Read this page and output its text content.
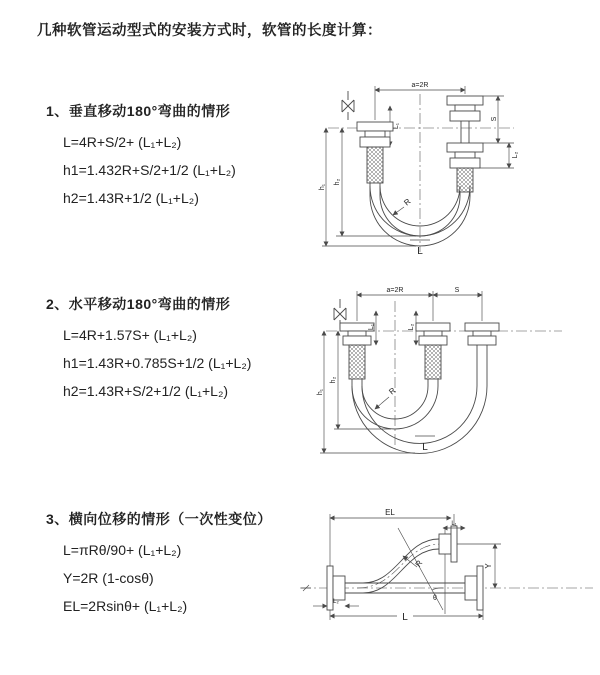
几种软管运动型式的安装方式时，软管的长度计算：
1、垂直移动180°弯曲的情形
L=4R+S/2+ (L₁+L₂)
h1=1.432R+S/2+1/2 (L₁+L₂)
h2=1.43R+1/2 (L₁+L₂)
2、水平移动180°弯曲的情形
L=4R+1.57S+ (L₁+L₂)
h1=1.43R+0.785S+1/2 (L₁+L₂)
h2=1.43R+S/2+1/2 (L₁+L₂)
3、横向位移的情形（一次性变位）
L=πRθ/90+ (L₁+L₂)
Y=2R (1-cosθ)
EL=2Rsinθ+ (L₁+L₂)
a=2R
S
L₂
L₁
h₂
h₁
R
L
a=2R	S
L₁	L₂
h₂
h₁	R
L
EL
L₁
Y
L₂
L
R
θ
